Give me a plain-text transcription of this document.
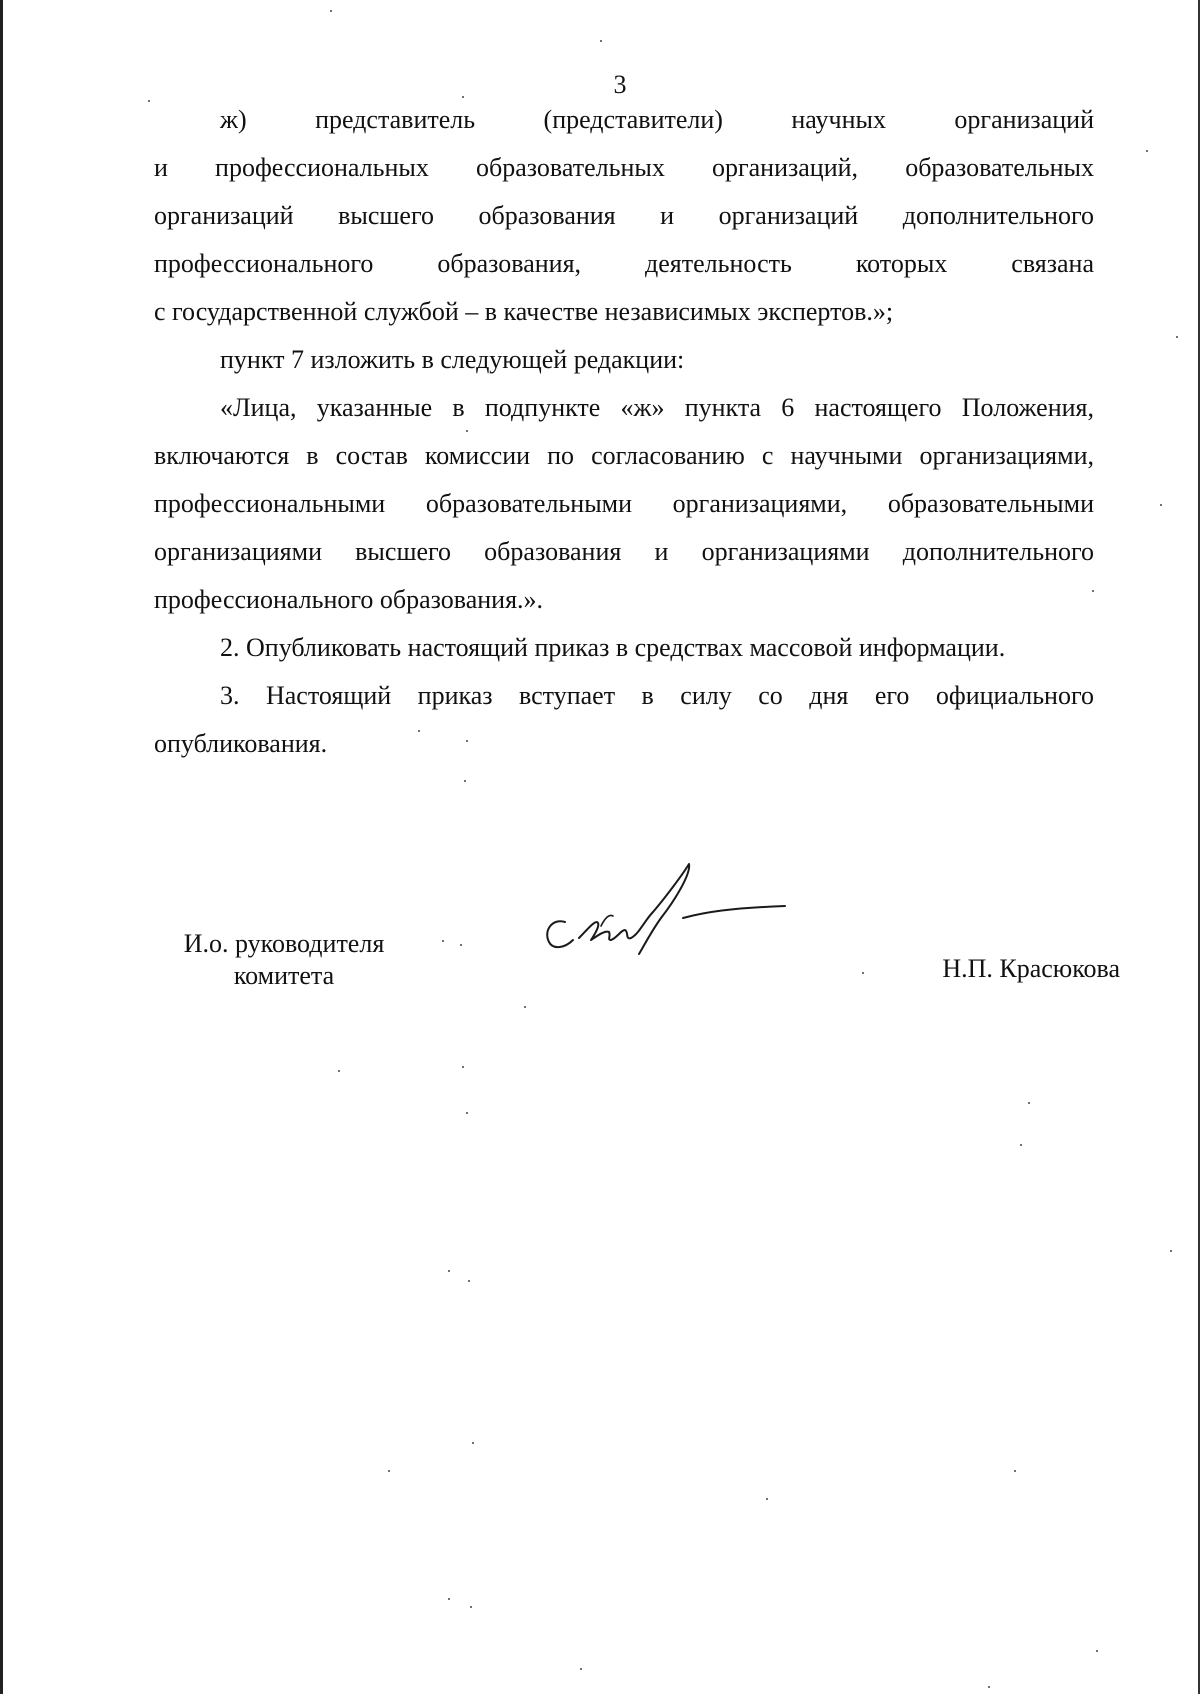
3
ж) представитель (представители) научных организаций
и профессиональных образовательных организаций, образовательных
организаций высшего образования и организаций дополнительного
профессионального образования, деятельность которых связана
с государственной службой – в качестве независимых экспертов.»;
пункт 7 изложить в следующей редакции:
«Лица, указанные в подпункте «ж» пункта 6 настоящего Положения,
включаются в состав комиссии по согласованию с научными организациями,
профессиональными образовательными организациями, образовательными
организациями высшего образования и организациями дополнительного
профессионального образования.».
2. Опубликовать настоящий приказ в средствах массовой информации.
3. Настоящий приказ вступает в силу со дня его официального
опубликования.
И.о. руководителя
комитета	Н.П. Красюкова
